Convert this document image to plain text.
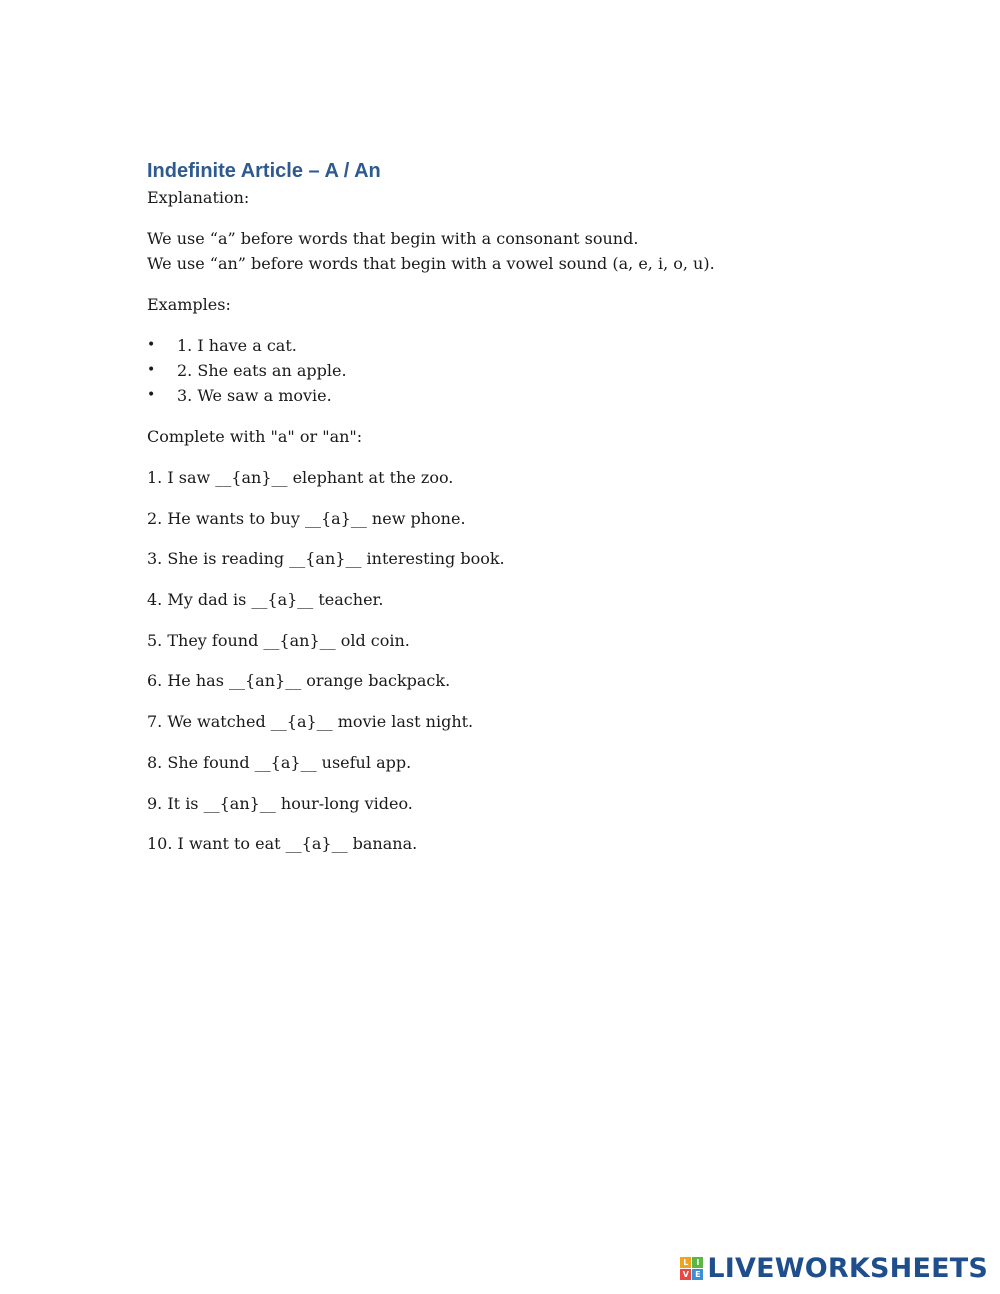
Indefinite Article – A / An

Explanation:

We use “a” before words that begin with a consonant sound.

We use “an” before words that begin with a vowel sound (a, e, i, o, u).

Examples:

• 1. I have a cat.
• 2. She eats an apple.
• 3. We saw a movie.

Complete with "a" or "an":

1. I saw __{an}__ elephant at the zoo.
2. He wants to buy __{a}__ new phone.
3. She is reading __{an}__ interesting book.
4. My dad is __{a}__ teacher.
5. They found __{an}__ old coin.
6. He has __{an}__ orange backpack.
7. We watched __{a}__ movie last night.
8. She found __{a}__ useful app.
9. It is __{an}__ hour-long video.
10. I want to eat __{a}__ banana.
L I
V E LIVEWORKSHEETS
